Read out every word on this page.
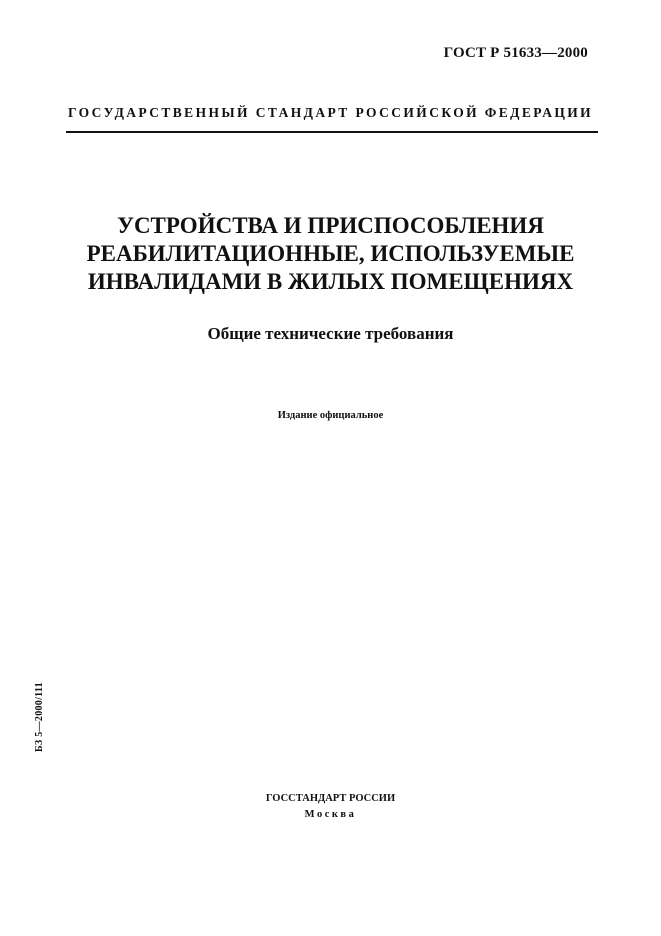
ГОСТ Р 51633—2000
ГОСУДАРСТВЕННЫЙ СТАНДАРТ РОССИЙСКОЙ ФЕДЕРАЦИИ
УСТРОЙСТВА И ПРИСПОСОБЛЕНИЯ
РЕАБИЛИТАЦИОННЫЕ, ИСПОЛЬЗУЕМЫЕ
ИНВАЛИДАМИ В ЖИЛЫХ ПОМЕЩЕНИЯХ
Общие технические требования
Издание официальное
БЗ 5—2000/111
ГОССТАНДАРТ РОССИИ
Москва
